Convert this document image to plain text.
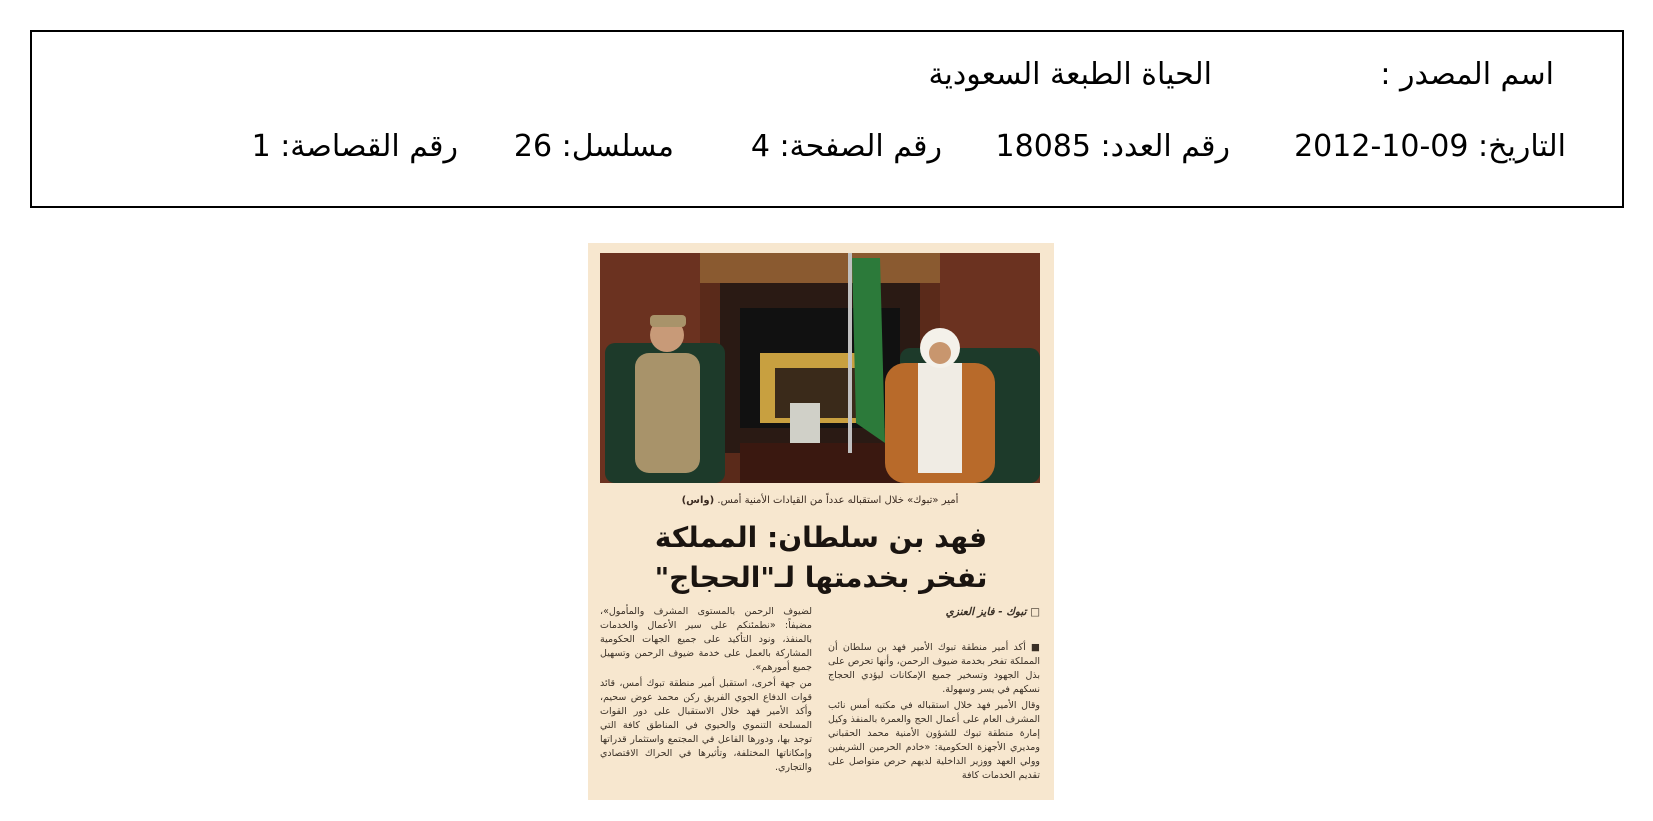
اسم المصدر :
الحياة الطبعة السعودية
التاريخ: 09-10-2012
رقم العدد: 18085
رقم الصفحة: 4
مسلسل: 26
رقم القصاصة: 1
أمير «تبوك» خلال استقباله عدداً من القيادات الأمنية أمس. (واس)
فهد بن سلطان: المملكة
تفخر بخدمتها لـ"الحجاج"
□ تبوك - فايز العنزي

■ أكد أمير منطقة تبوك الأمير فهد بن سلطان أن المملكة تفخر بخدمة ضيوف الرحمن، وأنها تحرص على بذل الجهود وتسخير جميع الإمكانات ليؤدي الحجاج نسكهم في يسر وسهولة.

وقال الأمير فهد خلال استقباله في مكتبه أمس نائب المشرف العام على أعمال الحج والعمرة بالمنفذ وكيل إمارة منطقة تبوك للشؤون الأمنية محمد الحقباني ومديري الأجهزة الحكومية: «خادم الحرمين الشريفين وولي العهد ووزير الداخلية لديهم حرص متواصل على تقديم الخدمات كافة

لضيوف الرحمن بالمستوى المشرف والمأمول»، مضيفاً: «نطمئنكم على سير الأعمال والخدمات بالمنفذ، ونود التأكيد على جميع الجهات الحكومية المشاركة بالعمل على خدمة ضيوف الرحمن وتسهيل جميع أمورهم».

من جهة أخرى، استقبل أمير منطقة تبوك أمس، قائد قوات الدفاع الجوي الفريق ركن محمد عوض سحيم، وأكد الأمير فهد خلال الاستقبال على دور القوات المسلحة التنموي والحيوي في المناطق كافة التي توجد بها، ودورها الفاعل في المجتمع واستثمار قدراتها وإمكاناتها المختلفة، وتأثيرها في الحراك الاقتصادي والتجاري.
